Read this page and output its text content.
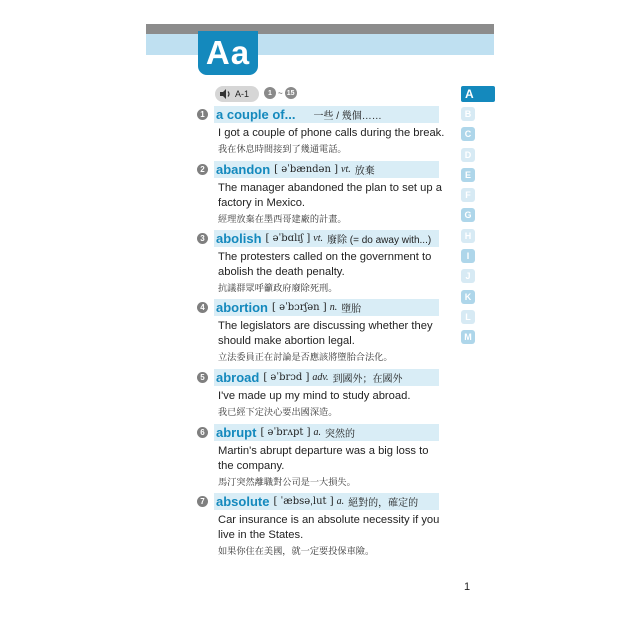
Aa
A-1	1 ~ 15
1 a couple of... 一些 / 幾個……
I got a couple of phone calls during the break.
我在休息時間接到了幾通電話。
2 abandon [ əˈbændən ] vt. 放棄
The manager abandoned the plan to set up a factory in Mexico.
經理放棄在墨西哥建廠的計畫。
3 abolish [ əˈbɑlɪʃ ] vt. 廢除 (= do away with...)
The protesters called on the government to abolish the death penalty.
抗議群眾呼籲政府廢除死刑。
4 abortion [ əˈbɔrʃən ] n. 墮胎
The legislators are discussing whether they should make abortion legal.
立法委員正在討論是否應該將墮胎合法化。
5 abroad [ əˈbrɔd ] adv. 到國外；在國外
I've made up my mind to study abroad.
我已經下定決心要出國深造。
6 abrupt [ əˈbrʌpt ] a. 突然的
Martin's abrupt departure was a big loss to the company.
馬汀突然離職對公司是一大損失。
7 absolute [ ˈæbsəˌlut ] a. 絕對的，確定的
Car insurance is an absolute necessity if you live in the States.
如果你住在美國，就一定要投保車險。
A
B
C
D
E
F
G
H
I
J
K
L
M
1
